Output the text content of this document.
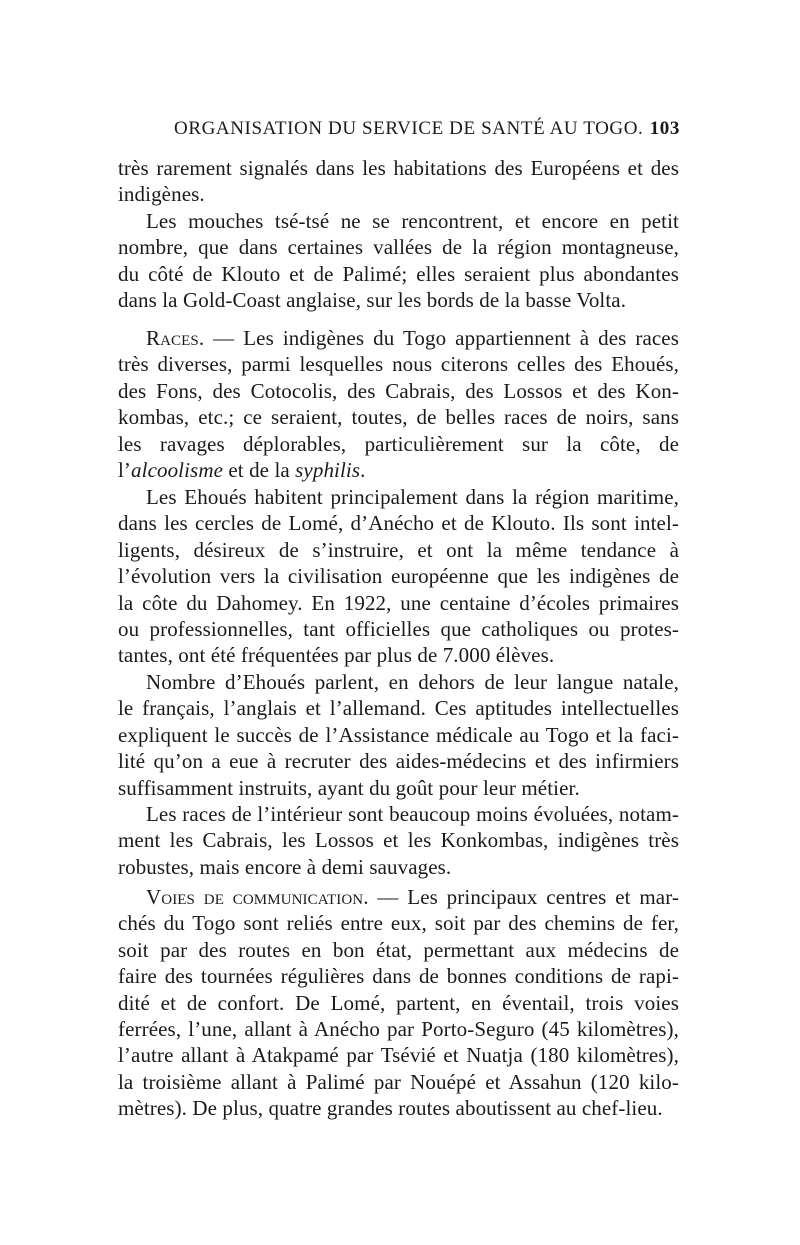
ORGANISATION DU SERVICE DE SANTÉ AU TOGO. 103
très rarement signalés dans les habitations des Européens et des
indigènes.
Les mouches tsé-tsé ne se rencontrent, et encore en petit
nombre, que dans certaines vallées de la région montagneuse,
du côté de Klouto et de Palimé; elles seraient plus abondantes
dans la Gold-Coast anglaise, sur les bords de la basse Volta.
Races. — Les indigènes du Togo appartiennent à des races
très diverses, parmi lesquelles nous citerons celles des Ehoués,
des Fons, des Cotocolis, des Cabrais, des Lossos et des Kon-
kombas, etc.; ce seraient, toutes, de belles races de noirs, sans
les ravages déplorables, particulièrement sur la côte, de
l’alcoolisme et de la syphilis.
Les Ehoués habitent principalement dans la région maritime,
dans les cercles de Lomé, d’Anécho et de Klouto. Ils sont intel-
ligents, désireux de s’instruire, et ont la même tendance à
l’évolution vers la civilisation européenne que les indigènes de
la côte du Dahomey. En 1922, une centaine d’écoles primaires
ou professionnelles, tant officielles que catholiques ou protes-
tantes, ont été fréquentées par plus de 7.000 élèves.
Nombre d’Ehoués parlent, en dehors de leur langue natale,
le français, l’anglais et l’allemand. Ces aptitudes intellectuelles
expliquent le succès de l’Assistance médicale au Togo et la faci-
lité qu’on a eue à recruter des aides-médecins et des infirmiers
suffisamment instruits, ayant du goût pour leur métier.
Les races de l’intérieur sont beaucoup moins évoluées, notam-
ment les Cabrais, les Lossos et les Konkombas, indigènes très
robustes, mais encore à demi sauvages.
Voies de communication. — Les principaux centres et mar-
chés du Togo sont reliés entre eux, soit par des chemins de fer,
soit par des routes en bon état, permettant aux médecins de
faire des tournées régulières dans de bonnes conditions de rapi-
dité et de confort. De Lomé, partent, en éventail, trois voies
ferrées, l’une, allant à Anécho par Porto-Seguro (45 kilomètres),
l’autre allant à Atakpamé par Tsévié et Nuatja (180 kilomètres),
la troisième allant à Palimé par Nouépé et Assahun (120 kilo-
mètres). De plus, quatre grandes routes aboutissent au chef-lieu.
